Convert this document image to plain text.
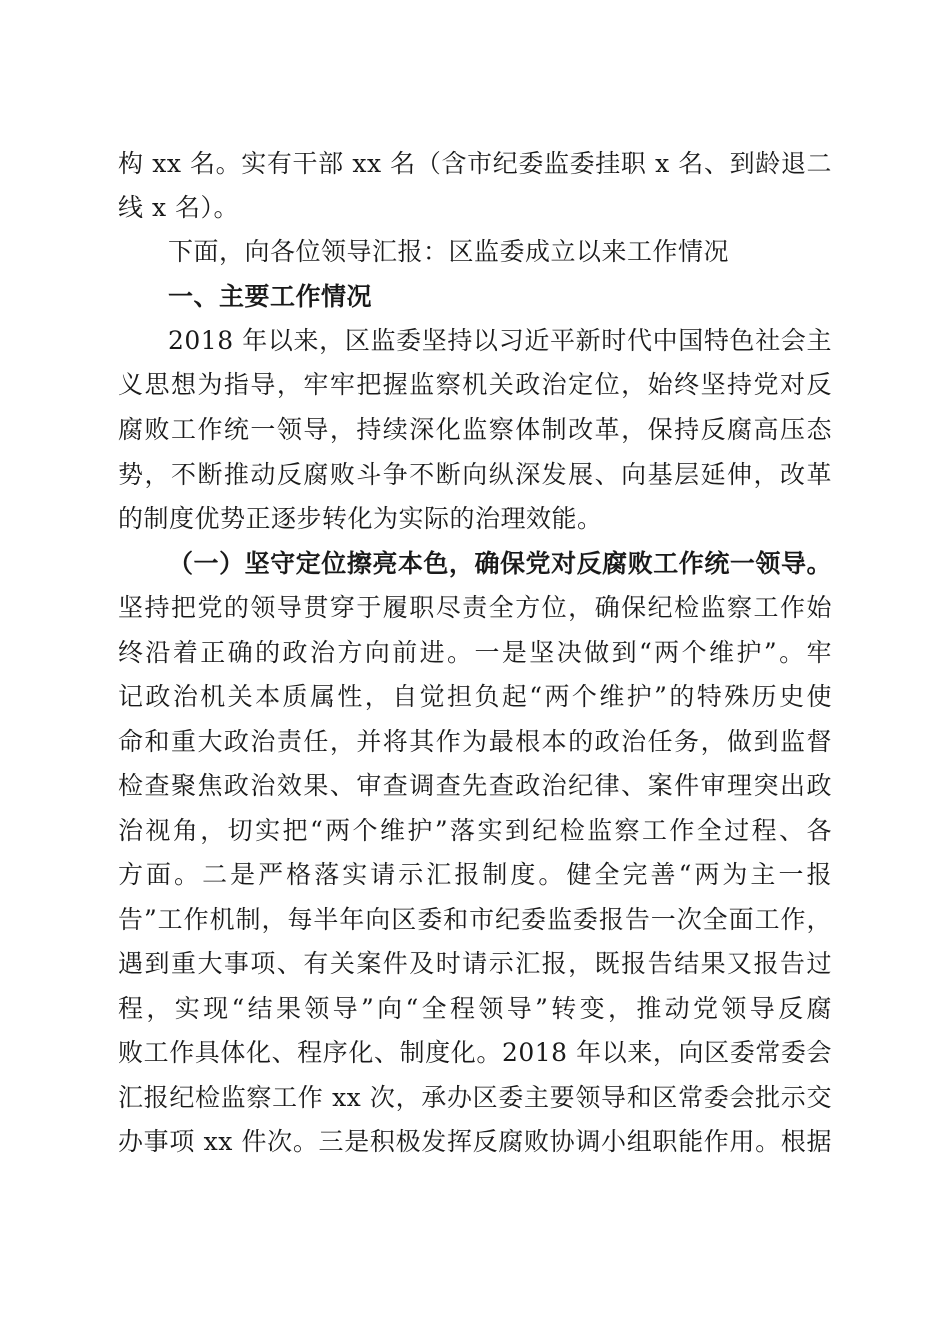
构 xx 名。实有干部 xx 名（含市纪委监委挂职 x 名、到龄退二
线 x 名）。
下面，向各位领导汇报：区监委成立以来工作情况
一、主要工作情况
2018 年以来，区监委坚持以习近平新时代中国特色社会主
义思想为指导，牢牢把握监察机关政治定位，始终坚持党对反
腐败工作统一领导，持续深化监察体制改革，保持反腐高压态
势，不断推动反腐败斗争不断向纵深发展、向基层延伸，改革
的制度优势正逐步转化为实际的治理效能。
（一）坚守定位擦亮本色，确保党对反腐败工作统一领导。
坚持把党的领导贯穿于履职尽责全方位，确保纪检监察工作始
终沿着正确的政治方向前进。一是坚决做到“两个维护”。牢
记政治机关本质属性，自觉担负起“两个维护”的特殊历史使
命和重大政治责任，并将其作为最根本的政治任务，做到监督
检查聚焦政治效果、审查调查先查政治纪律、案件审理突出政
治视角，切实把“两个维护”落实到纪检监察工作全过程、各
方面。二是严格落实请示汇报制度。健全完善“两为主一报
告”工作机制，每半年向区委和市纪委监委报告一次全面工作，
遇到重大事项、有关案件及时请示汇报，既报告结果又报告过
程，实现“结果领导”向“全程领导”转变，推动党领导反腐
败工作具体化、程序化、制度化。2018 年以来，向区委常委会
汇报纪检监察工作 xx 次，承办区委主要领导和区常委会批示交
办事项 xx 件次。三是积极发挥反腐败协调小组职能作用。根据
